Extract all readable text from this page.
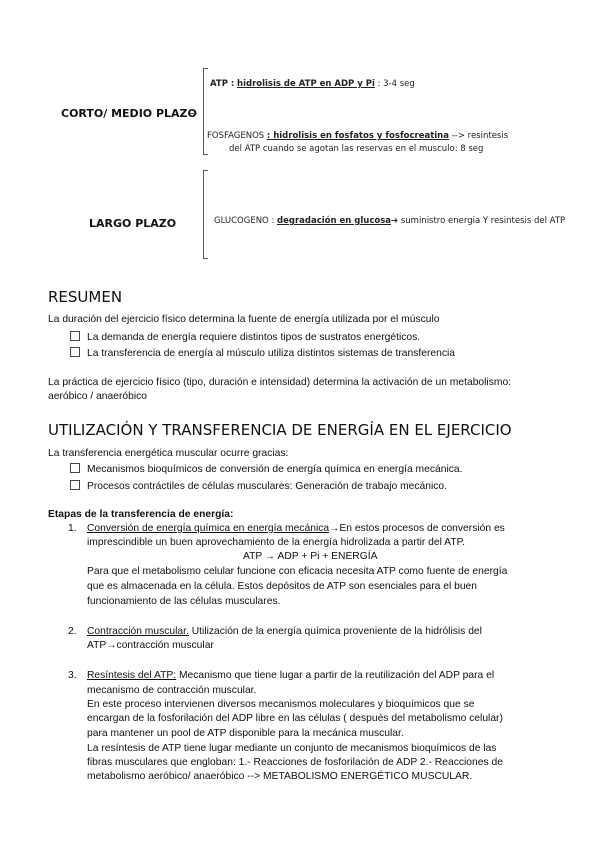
CORTO/ MEDIO PLAZO
ATP : hidrolisis de ATP en ADP y Pi : 3-4 seg
FOSFAGENOS : hidrolisis en fosfatos y fosfocreatina --> resintesis
del ATP cuando se agotan las reservas en el musculo: 8 seg
LARGO PLAZO	GLUCOGENO : degradación en glucosa➔ suministro energia Y resintesis del ATP
RESUMEN
La duración del ejercicio físico determina la fuente de energía utilizada por el músculo
La demanda de energía requiere distintos tipos de sustratos energéticos.
La transferencia de energía al músculo utiliza distintos sistemas de transferencia
La práctica de ejercicio físico (tipo, duración e intensidad) determina la activación de un metabolismo:
aeróbico / anaeróbico
UTILIZACIÓN Y TRANSFERENCIA DE ENERGÍA EN EL EJERCICIO
La transferencia energética muscular ocurre gracias:
Mecanismos bioquímicos de conversión de energía química en energía mecánica.
Procesos contráctiles de células musculares: Generación de trabajo mecánico.
Etapas de la transferencia de energía:
1. Conversión de energía química en energía mecánica→En estos procesos de conversión es
imprescindible un buen aprovechamiento de la energía hidrolizada a partir del ATP.
ATP → ADP + Pi + ENERGÍA
Para que el metabolismo celular funcione con eficacia necesita ATP como fuente de energía
que es almacenada en la célula. Estos depósitos de ATP son esenciales para el buen
funcionamiento de las células musculares.
2. Contracción muscular. Utilización de la energía química proveniente de la hidrólisis del
ATP→contracción muscular
3. Resíntesis del ATP: Mecanismo que tiene lugar a partir de la reutilización del ADP para el
mecanismo de contracción muscular.
En este proceso intervienen diversos mecanismos moleculares y bioquímicos que se
encargan de la fosforilación del ADP libre en las células ( después del metabolismo celular)
para mantener un pool de ATP disponible para la mecánica muscular.
La resíntesis de ATP tiene lugar mediante un conjunto de mecanismos bioquímicos de las
fibras musculares que engloban: 1.- Reacciones de fosforilación de ADP 2.- Reacciones de
metabolismo aeróbico/ anaeróbico --> METABOLISMO ENERGÉTICO MUSCULAR.
